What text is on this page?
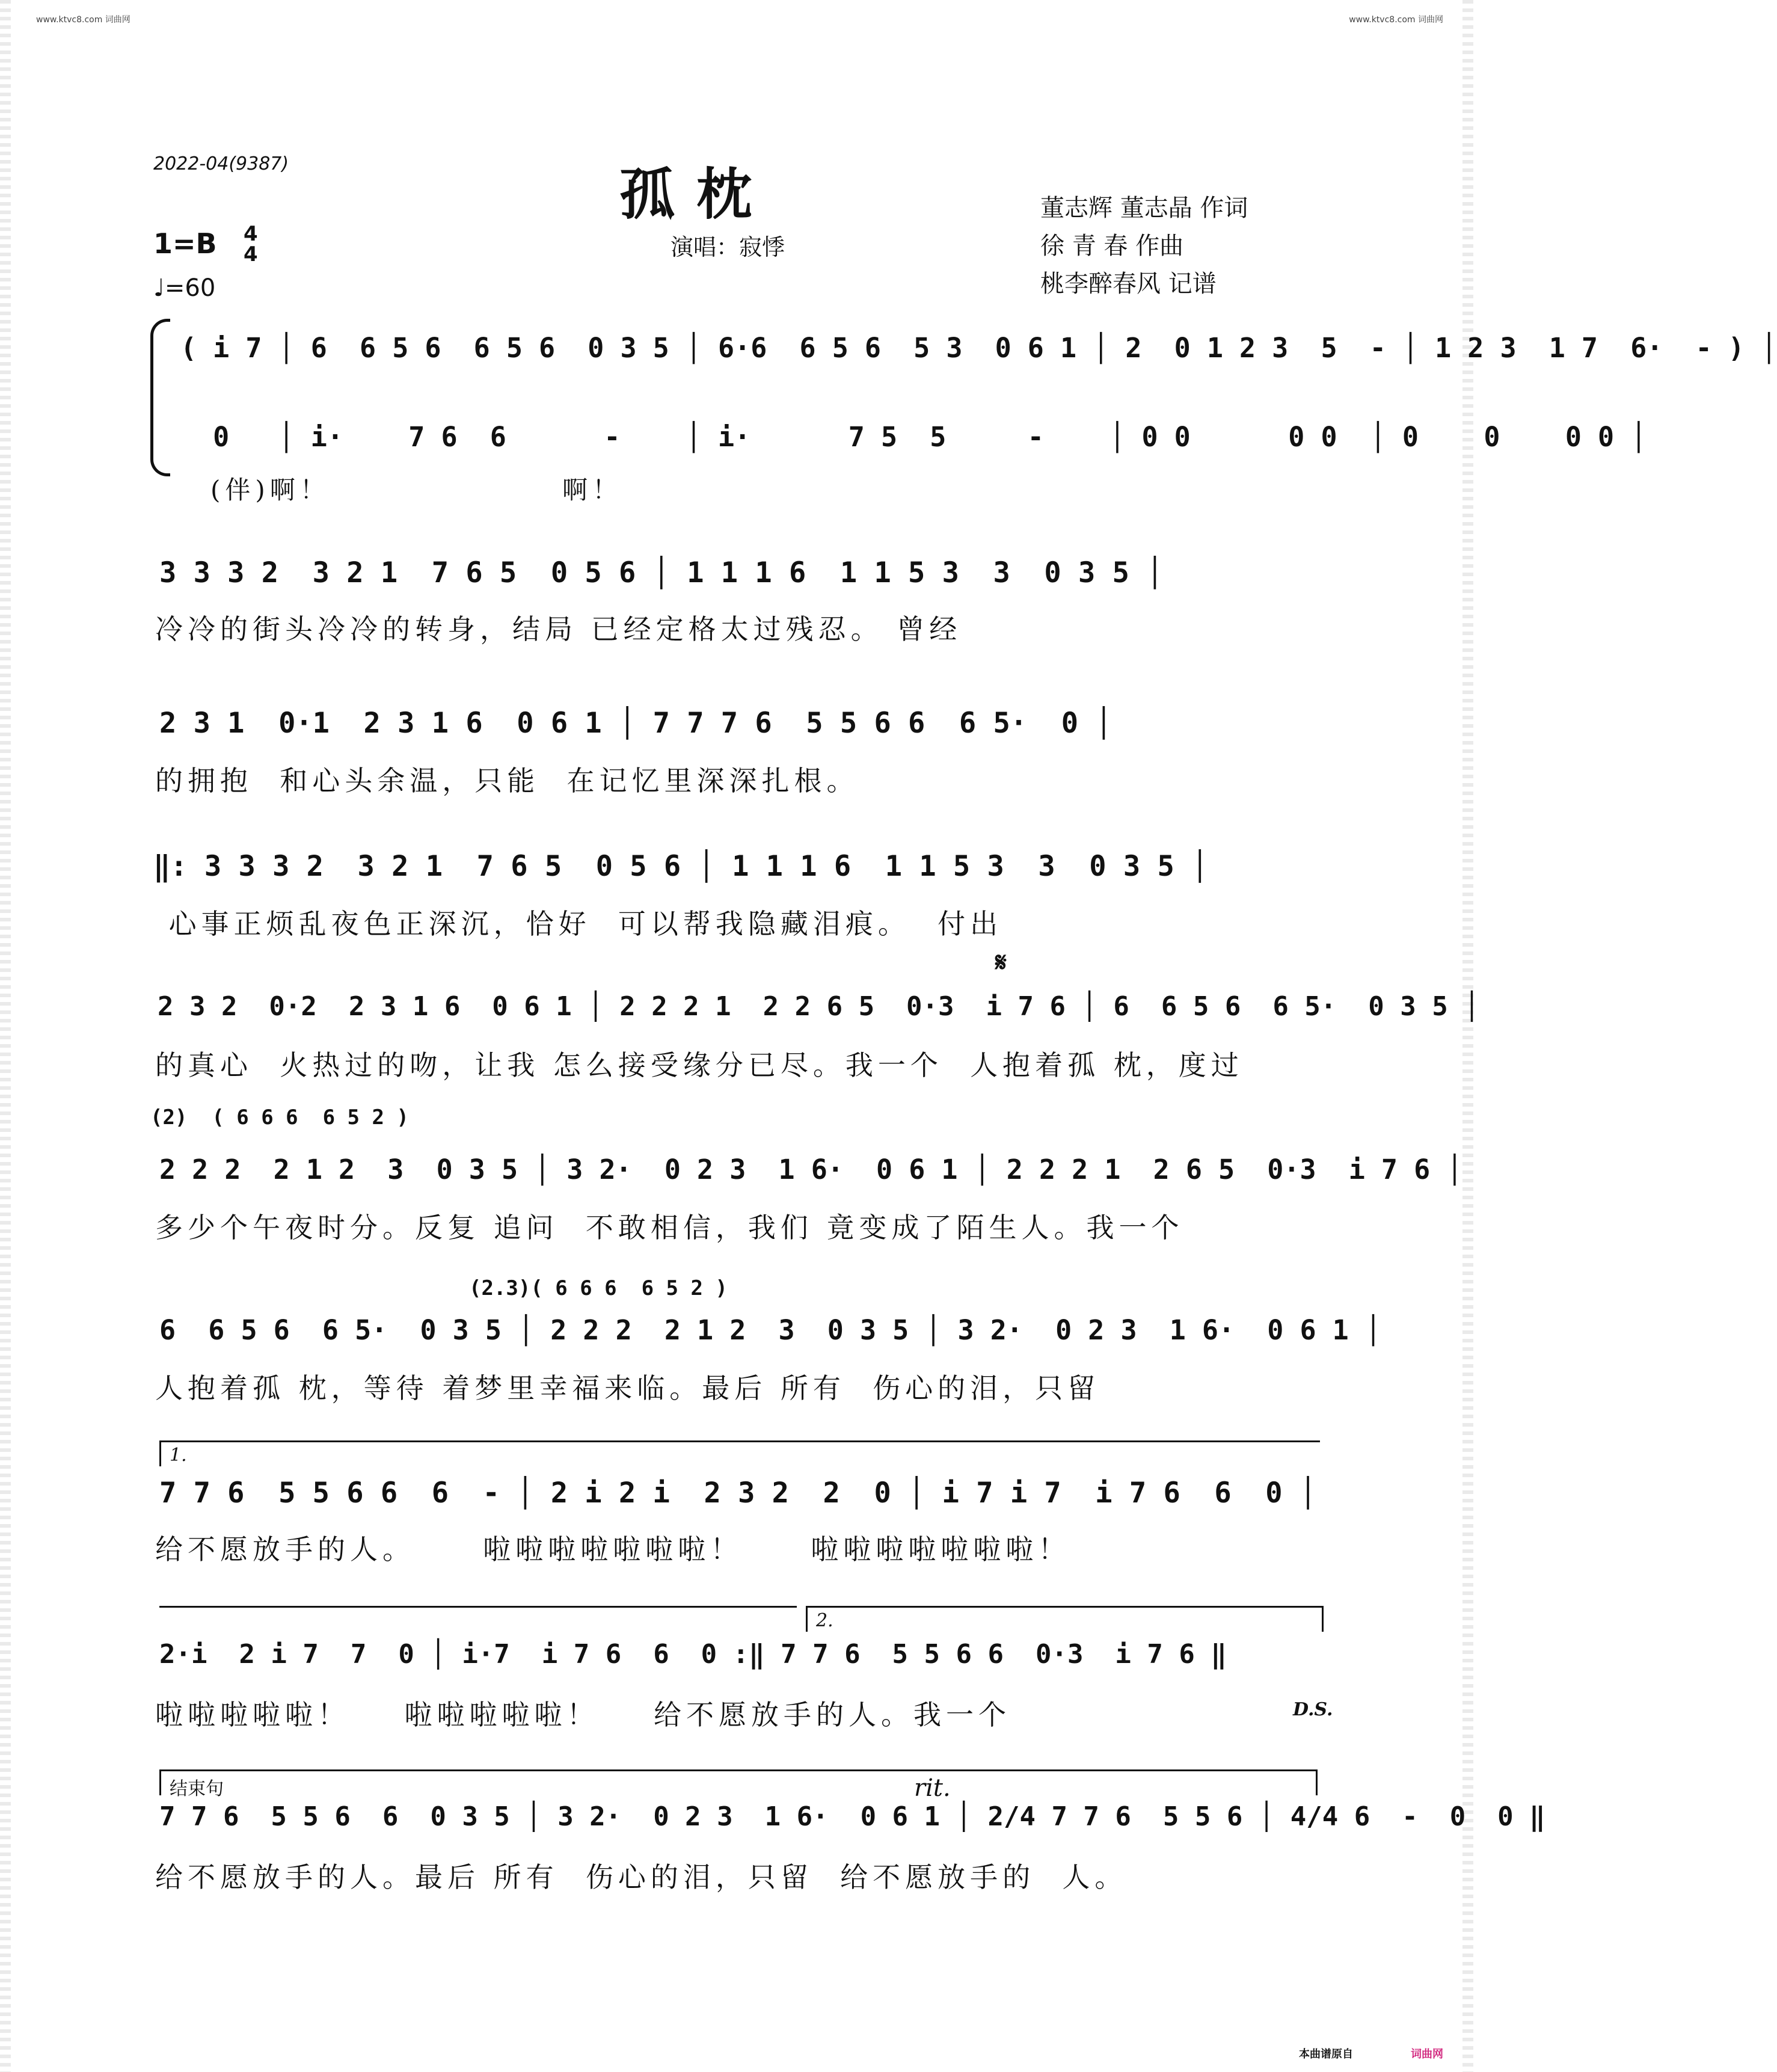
www.ktvc8.com 词曲网	www.ktvc8.com 词曲网
本曲谱原自	词曲网
2022-04(9387)	孤 枕
演唱：寂悸
董志辉 董志晶 作词
徐 青 春 作曲
桃李醉春风 记谱
1=B 4
4
♩=60
( i 7 │ 6  6 5 6  6 5 6  0 3 5 │ 6·6  6 5 6  5 3  0 6 1 │ 2  0 1 2 3  5  - │ 1 2 3  1 7  6·  - ) │
0   │ i·    7 6  6      -    │ i·      7 5  5     -    │ 0 0      0 0  │ 0    0    0 0 │
(伴)啊！	啊！
3 3 3 2  3 2 1  7 6 5  0 5 6 │ 1 1 1 6  1 1 5 3  3  0 3 5 │
冷冷的街头冷冷的转身，结局 已经定格太过残忍。 曾经
2 3 1  0·1  2 3 1 6  0 6 1 │ 7 7 7 6  5 5 6 6  6 5·  0 │
的拥抱  和心头余温，只能  在记忆里深深扎根。
‖: 3 3 3 2  3 2 1  7 6 5  0 5 6 │ 1 1 1 6  1 1 5 3  3  0 3 5 │
心事正烦乱夜色正深沉，恰好  可以帮我隐藏泪痕。  付出
𝄋
2 3 2  0·2  2 3 1 6  0 6 1 │ 2 2 2 1  2 2 6 5  0·3  i 7 6 │ 6  6 5 6  6 5·  0 3 5 │
的真心  火热过的吻，让我 怎么接受缘分已尽。我一个  人抱着孤 枕，度过
(2)  ( 6 6 6  6 5 2 )
2 2 2  2 1 2  3  0 3 5 │ 3 2·  0 2 3  1 6·  0 6 1 │ 2 2 2 1  2 6 5  0·3  i 7 6 │
多少个午夜时分。反复 追问  不敢相信，我们 竟变成了陌生人。我一个
(2.3)( 6 6 6  6 5 2 )
6  6 5 6  6 5·  0 3 5 │ 2 2 2  2 1 2  3  0 3 5 │ 3 2·  0 2 3  1 6·  0 6 1 │
人抱着孤 枕，等待 着梦里幸福来临。最后 所有  伤心的泪，只留
1.
7 7 6  5 5 6 6  6  - │ 2 i 2 i  2 3 2  2  0 │ i 7 i 7  i 7 6  6  0 │
给不愿放手的人。     啦啦啦啦啦啦啦！     啦啦啦啦啦啦啦！
2.
2·i  2 i 7  7  0 │ i·7  i 7 6  6  0 :‖ 7 7 6  5 5 6 6  0·3  i 7 6 ‖
啦啦啦啦啦！    啦啦啦啦啦！    给不愿放手的人。我一个	D.S.
结束句	rit.
7 7 6  5 5 6  6  0 3 5 │ 3 2·  0 2 3  1 6·  0 6 1 │ 2/4 7 7 6  5 5 6 │ 4/4 6  -  0  0 ‖
给不愿放手的人。最后 所有  伤心的泪，只留  给不愿放手的  人。
